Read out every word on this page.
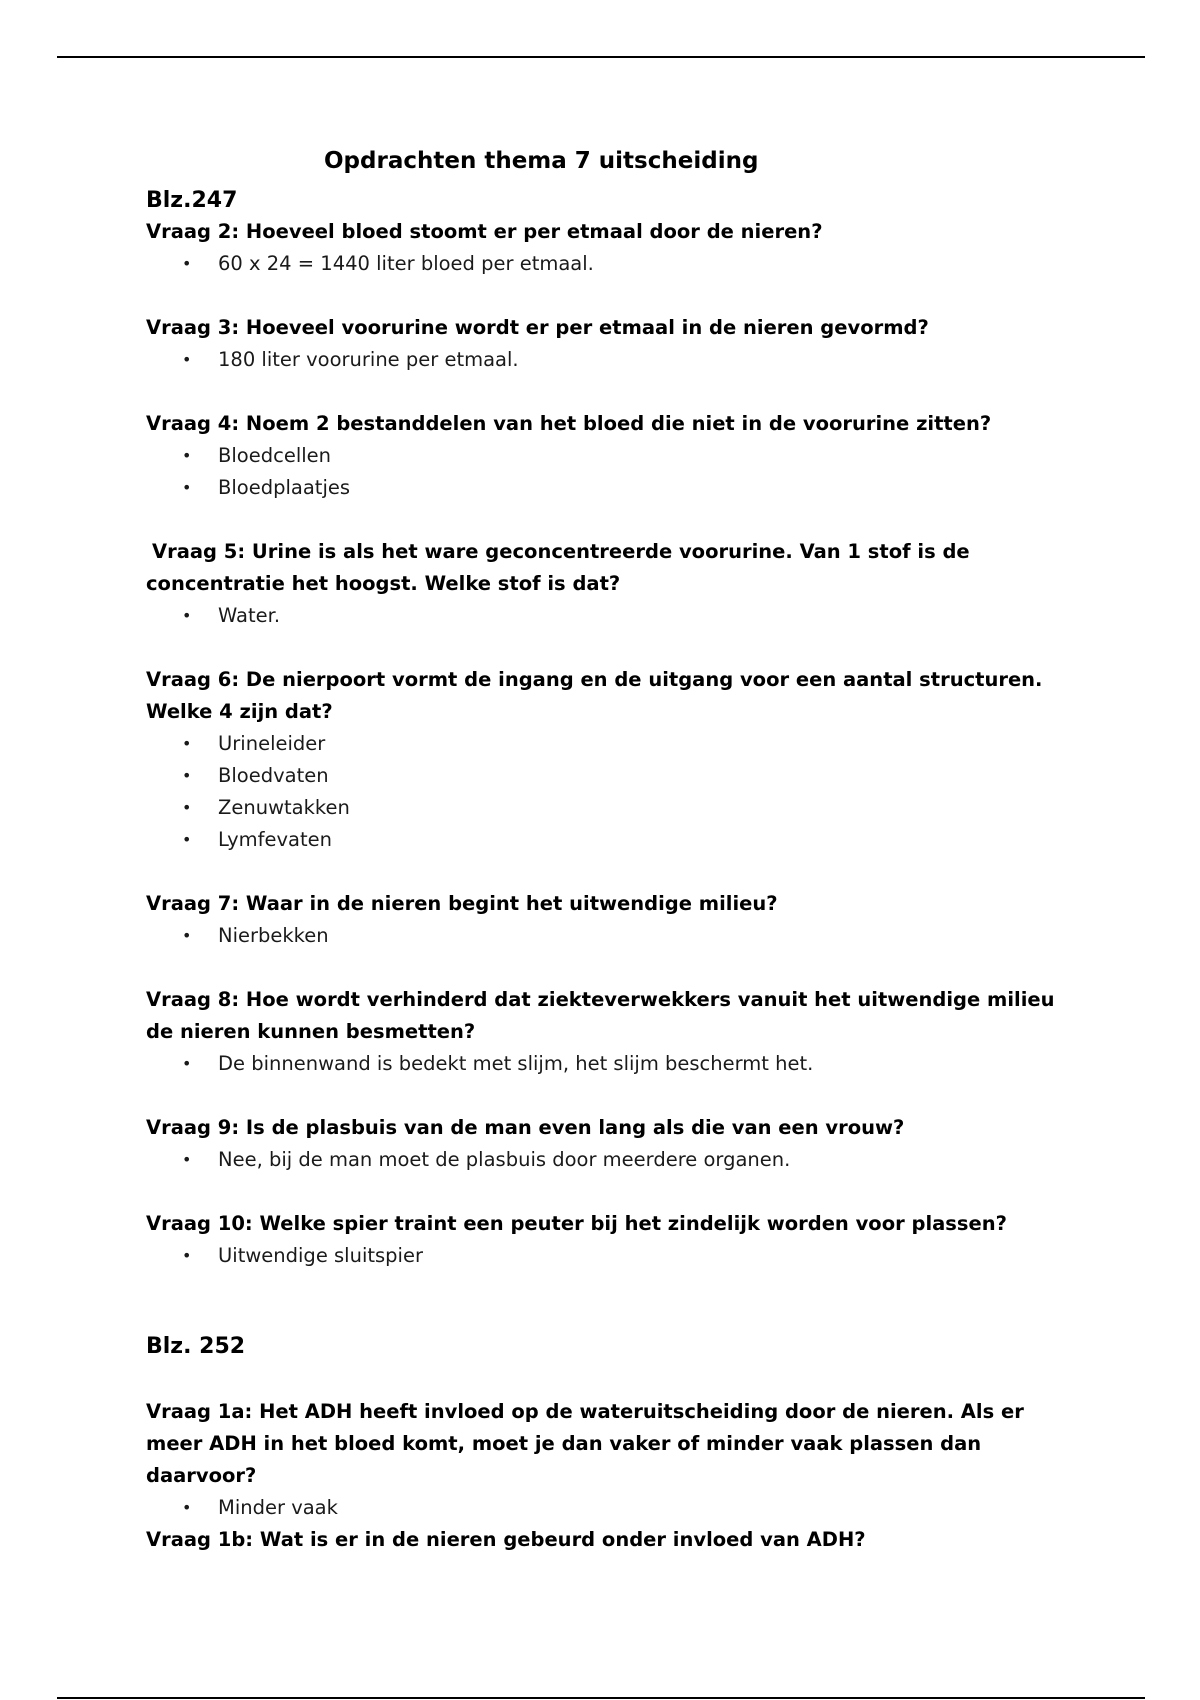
Opdrachten thema 7 uitscheiding
Blz.247
Vraag 2: Hoeveel bloed stoomt er per etmaal door de nieren?
• 60 x 24 = 1440 liter bloed per etmaal.
Vraag 3: Hoeveel voorurine wordt er per etmaal in de nieren gevormd?
• 180 liter voorurine per etmaal.
Vraag 4: Noem 2 bestanddelen van het bloed die niet in de voorurine zitten?
• Bloedcellen
• Bloedplaatjes
Vraag 5: Urine is als het ware geconcentreerde voorurine. Van 1 stof is de concentratie het hoogst. Welke stof is dat?
• Water.
Vraag 6: De nierpoort vormt de ingang en de uitgang voor een aantal structuren. Welke 4 zijn dat?
• Urineleider
• Bloedvaten
• Zenuwtakken
• Lymfevaten
Vraag 7: Waar in de nieren begint het uitwendige milieu?
• Nierbekken
Vraag 8: Hoe wordt verhinderd dat ziekteverwekkers vanuit het uitwendige milieu de nieren kunnen besmetten?
• De binnenwand is bedekt met slijm, het slijm beschermt het.
Vraag 9: Is de plasbuis van de man even lang als die van een vrouw?
• Nee, bij de man moet de plasbuis door meerdere organen.
Vraag 10: Welke spier traint een peuter bij het zindelijk worden voor plassen?
• Uitwendige sluitspier
Blz. 252
Vraag 1a: Het ADH heeft invloed op de wateruitscheiding door de nieren. Als er meer ADH in het bloed komt, moet je dan vaker of minder vaak plassen dan daarvoor?
• Minder vaak
Vraag 1b: Wat is er in de nieren gebeurd onder invloed van ADH?
